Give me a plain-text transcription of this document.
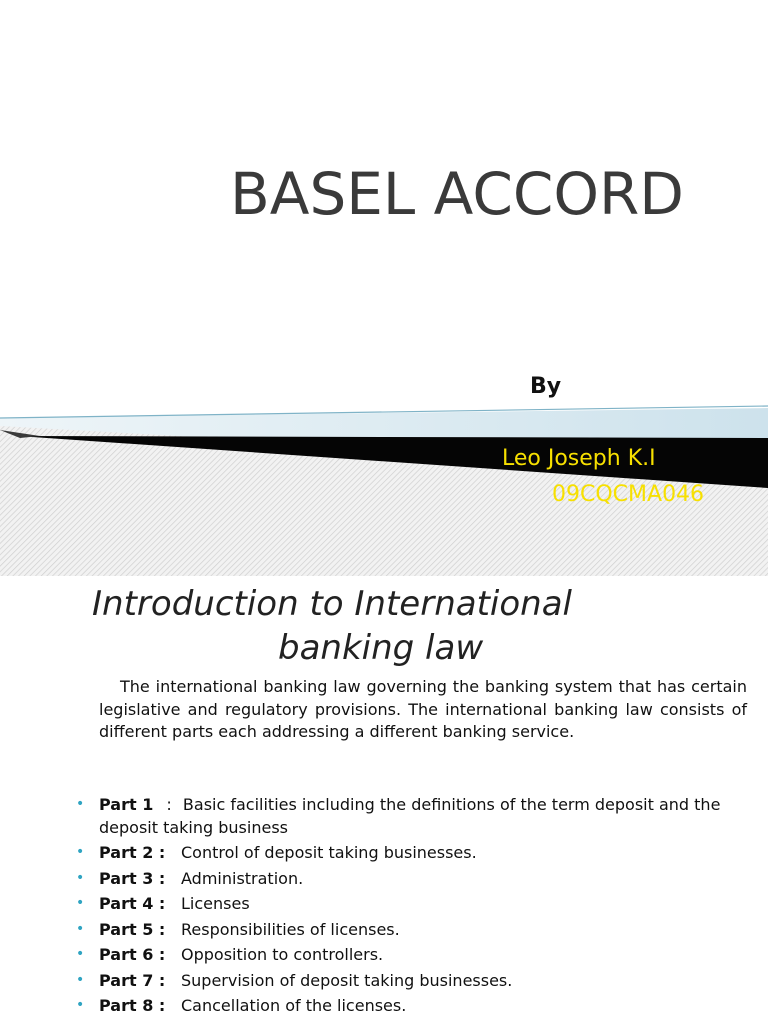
BASEL ACCORD
By
Leo Joseph K.I
09CQCMA046
Introduction to International
banking law

The international banking law governing the banking system that has certain legislative and regulatory provisions. The international banking law consists of different parts each addressing a different banking service.

• Part 1 : Basic facilities including the definitions of the term deposit and the deposit taking business
• Part 2 : Control of deposit taking businesses.
• Part 3 : Administration.
• Part 4 : Licenses
• Part 5 : Responsibilities of licenses.
• Part 6 : Opposition to controllers.
• Part 7 : Supervision of deposit taking businesses.
• Part 8 : Cancellation of the licenses.
